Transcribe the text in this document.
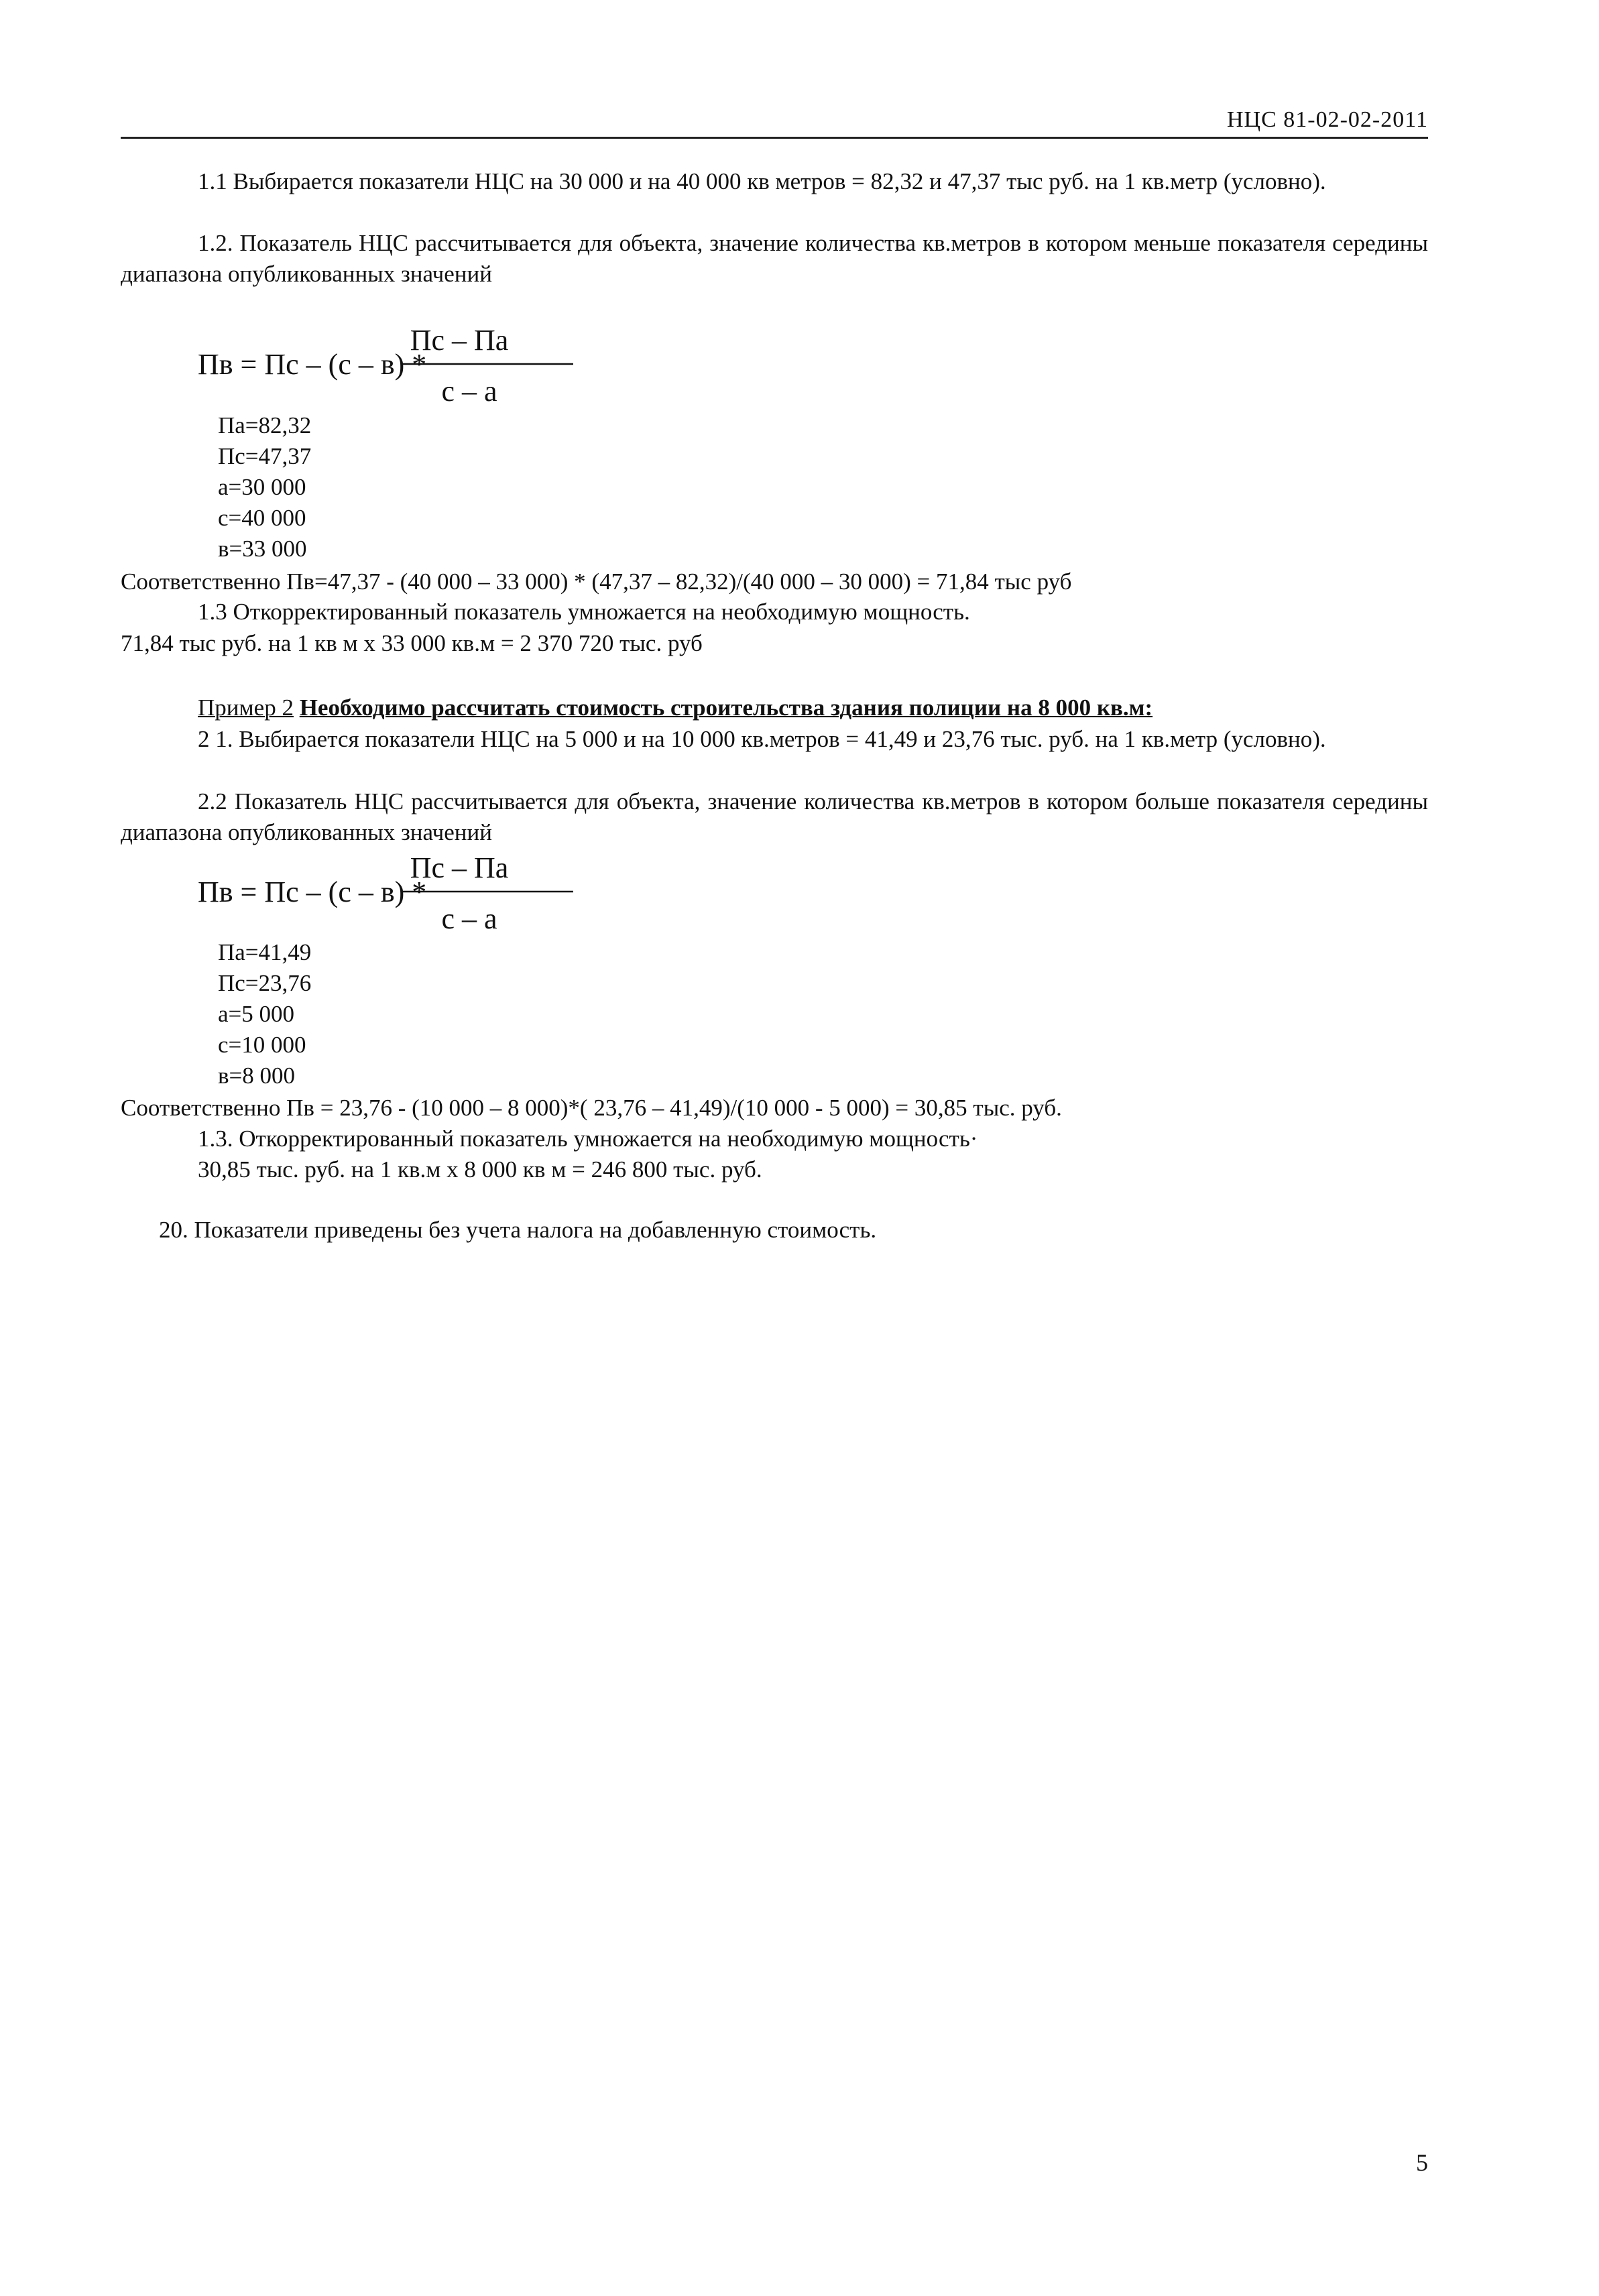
НЦС 81-02-02-2011
1.1 Выбирается показатели НЦС на 30 000 и на 40 000 кв метров = 82,32 и 47,37 тыс руб. на 1 кв.метр (условно).
1.2. Показатель НЦС рассчитывается для объекта, значение количества кв.метров в котором меньше показателя середины диапазона опубликованных значений
Пв = Пс – (с – в) *
Пс – Па
с – а
Па=82,32
Пс=47,37
а=30 000
с=40 000
в=33 000
Соответственно Пв=47,37 - (40 000 – 33 000) * (47,37 – 82,32)/(40 000 – 30 000) = 71,84 тыс руб
1.3 Откорректированный показатель умножается на необходимую мощность.
71,84 тыс руб. на 1 кв м х 33 000 кв.м = 2 370 720 тыс. руб
Пример 2 Необходимо рассчитать стоимость строительства здания полиции на 8 000 кв.м:
2 1. Выбирается показатели НЦС на 5 000 и на 10 000 кв.метров = 41,49 и 23,76 тыс. руб. на 1 кв.метр (условно).
2.2 Показатель НЦС рассчитывается для объекта, значение количества кв.метров в котором больше показателя середины диапазона опубликованных значений
Пв = Пс – (с – в) *
Пс – Па
с – а
Па=41,49
Пс=23,76
а=5 000
с=10 000
в=8 000
Соответственно Пв = 23,76 - (10 000 – 8 000)*( 23,76 – 41,49)/(10 000 - 5 000) = 30,85 тыс. руб.
1.3. Откорректированный показатель умножается на необходимую мощность·
30,85 тыс. руб. на 1 кв.м х 8 000 кв м = 246 800 тыс. руб.
20. Показатели приведены без учета налога на добавленную стоимость.
5
